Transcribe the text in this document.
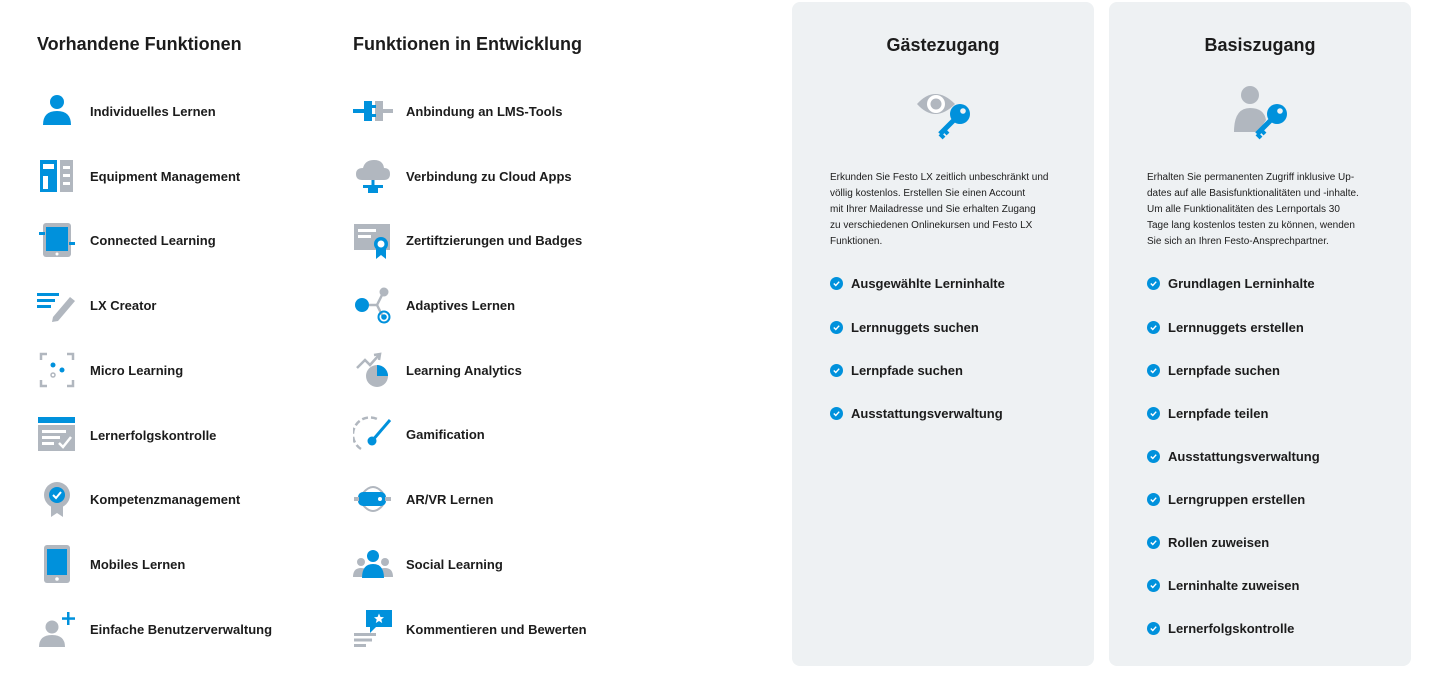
Vorhandene Funktionen
Individuelles Lernen
Equipment Management
Connected Learning
LX Creator
Micro Learning
Lernerfolgskontrolle
Kompetenzmanagement
Mobiles Lernen
Einfache Benutzerverwaltung
Funktionen in Entwicklung
Anbindung an LMS-Tools
Verbindung zu Cloud Apps
Zertiftzierungen und Badges
Adaptives Lernen
Learning Analytics
Gamification
AR/VR Lernen
Social Learning
Kommentieren und Bewerten
Gästezugang
Erkunden Sie Festo LX zeitlich unbeschränkt und
völlig kostenlos. Erstellen Sie einen Account
mit Ihrer Mailadresse und Sie erhalten Zugang
zu verschiedenen Onlinekursen und Festo LX
Funktionen.
Ausgewählte Lerninhalte
Lernnuggets suchen
Lernpfade suchen
Ausstattungsverwaltung
Basiszugang
Erhalten Sie permanenten Zugriff inklusive Up-
dates auf alle Basisfunktionalitäten und -inhalte.
Um alle Funktionalitäten des Lernportals 30
Tage lang kostenlos testen zu können, wenden
Sie sich an Ihren Festo-Ansprechpartner.
Grundlagen Lerninhalte
Lernnuggets erstellen
Lernpfade suchen
Lernpfade teilen
Ausstattungsverwaltung
Lerngruppen erstellen
Rollen zuweisen
Lerninhalte zuweisen
Lernerfolgskontrolle
